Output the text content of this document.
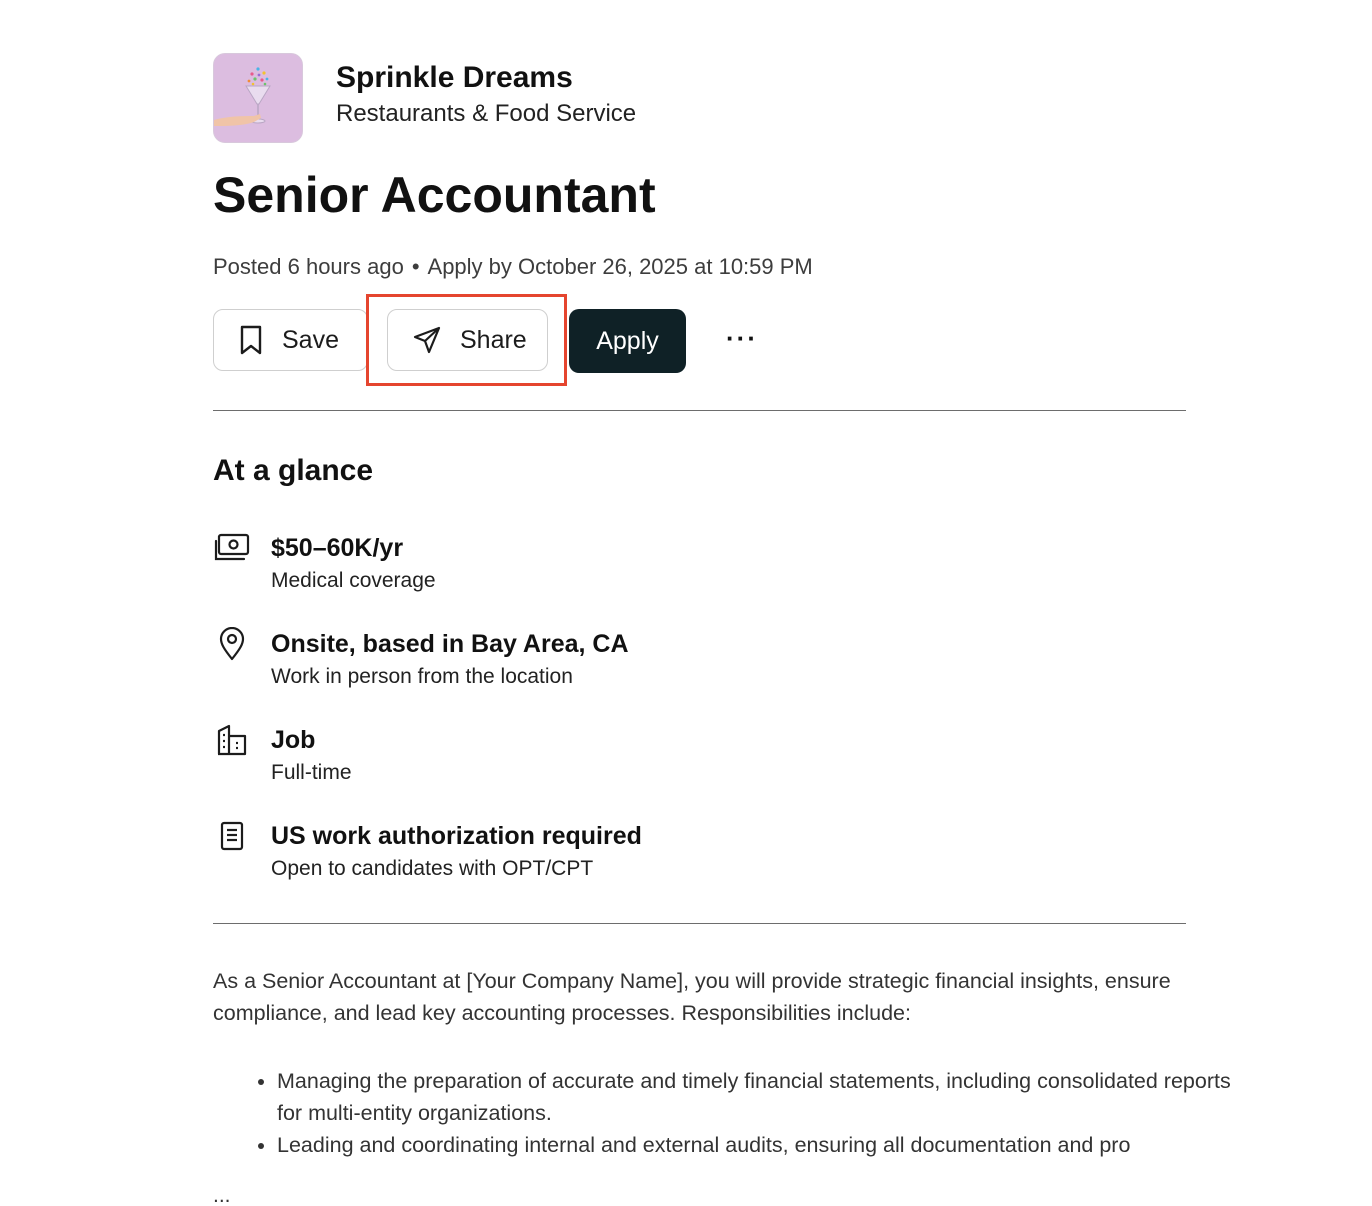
Sprinkle Dreams
Restaurants & Food Service
Senior Accountant
Posted 6 hours ago • Apply by October 26, 2025 at 10:59 PM
Save	Share	Apply	···
At a glance
$50–60K/yr
Medical coverage
Onsite, based in Bay Area, CA
Work in person from the location
Job
Full-time
US work authorization required
Open to candidates with OPT/CPT

As a Senior Accountant at [Your Company Name], you will provide strategic financial insights, ensure compliance, and lead key accounting processes. Responsibilities include:

• Managing the preparation of accurate and timely financial statements, including consolidated reports for multi-entity organizations.
• Leading and coordinating internal and external audits, ensuring all documentation and pro
...
